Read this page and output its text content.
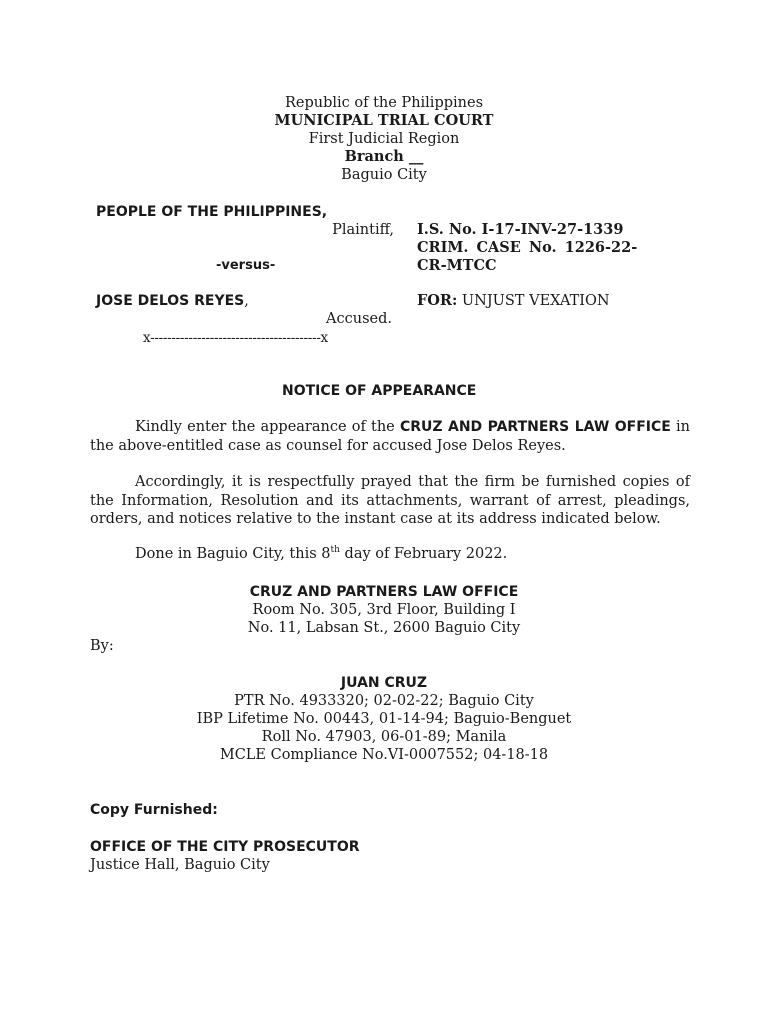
Republic of the Philippines
MUNICIPAL TRIAL COURT
First Judicial Region
Branch __
Baguio City
PEOPLE OF THE PHILIPPINES,
Plaintiff,
-versus-
JOSE DELOS REYES,
Accused.
x----------------------------------------x
I.S. No. I-17-INV-27-1339
CRIM. CASE No. 1226-22-
CR-MTCC
FOR: UNJUST VEXATION
NOTICE OF APPEARANCE
Kindly enter the appearance of the CRUZ AND PARTNERS LAW OFFICE in the above-entitled case as counsel for accused Jose Delos Reyes.
Accordingly, it is respectfully prayed that the firm be furnished copies of the Information, Resolution and its attachments, warrant of arrest, pleadings, orders, and notices relative to the instant case at its address indicated below.
Done in Baguio City, this 8th day of February 2022.
CRUZ AND PARTNERS LAW OFFICE
Room No. 305, 3rd Floor, Building I
No. 11, Labsan St., 2600 Baguio City
By:
JUAN CRUZ
PTR No. 4933320; 02-02-22; Baguio City
IBP Lifetime No. 00443, 01-14-94; Baguio-Benguet
Roll No. 47903, 06-01-89; Manila
MCLE Compliance No.VI-0007552; 04-18-18
Copy Furnished:
OFFICE OF THE CITY PROSECUTOR
Justice Hall, Baguio City
